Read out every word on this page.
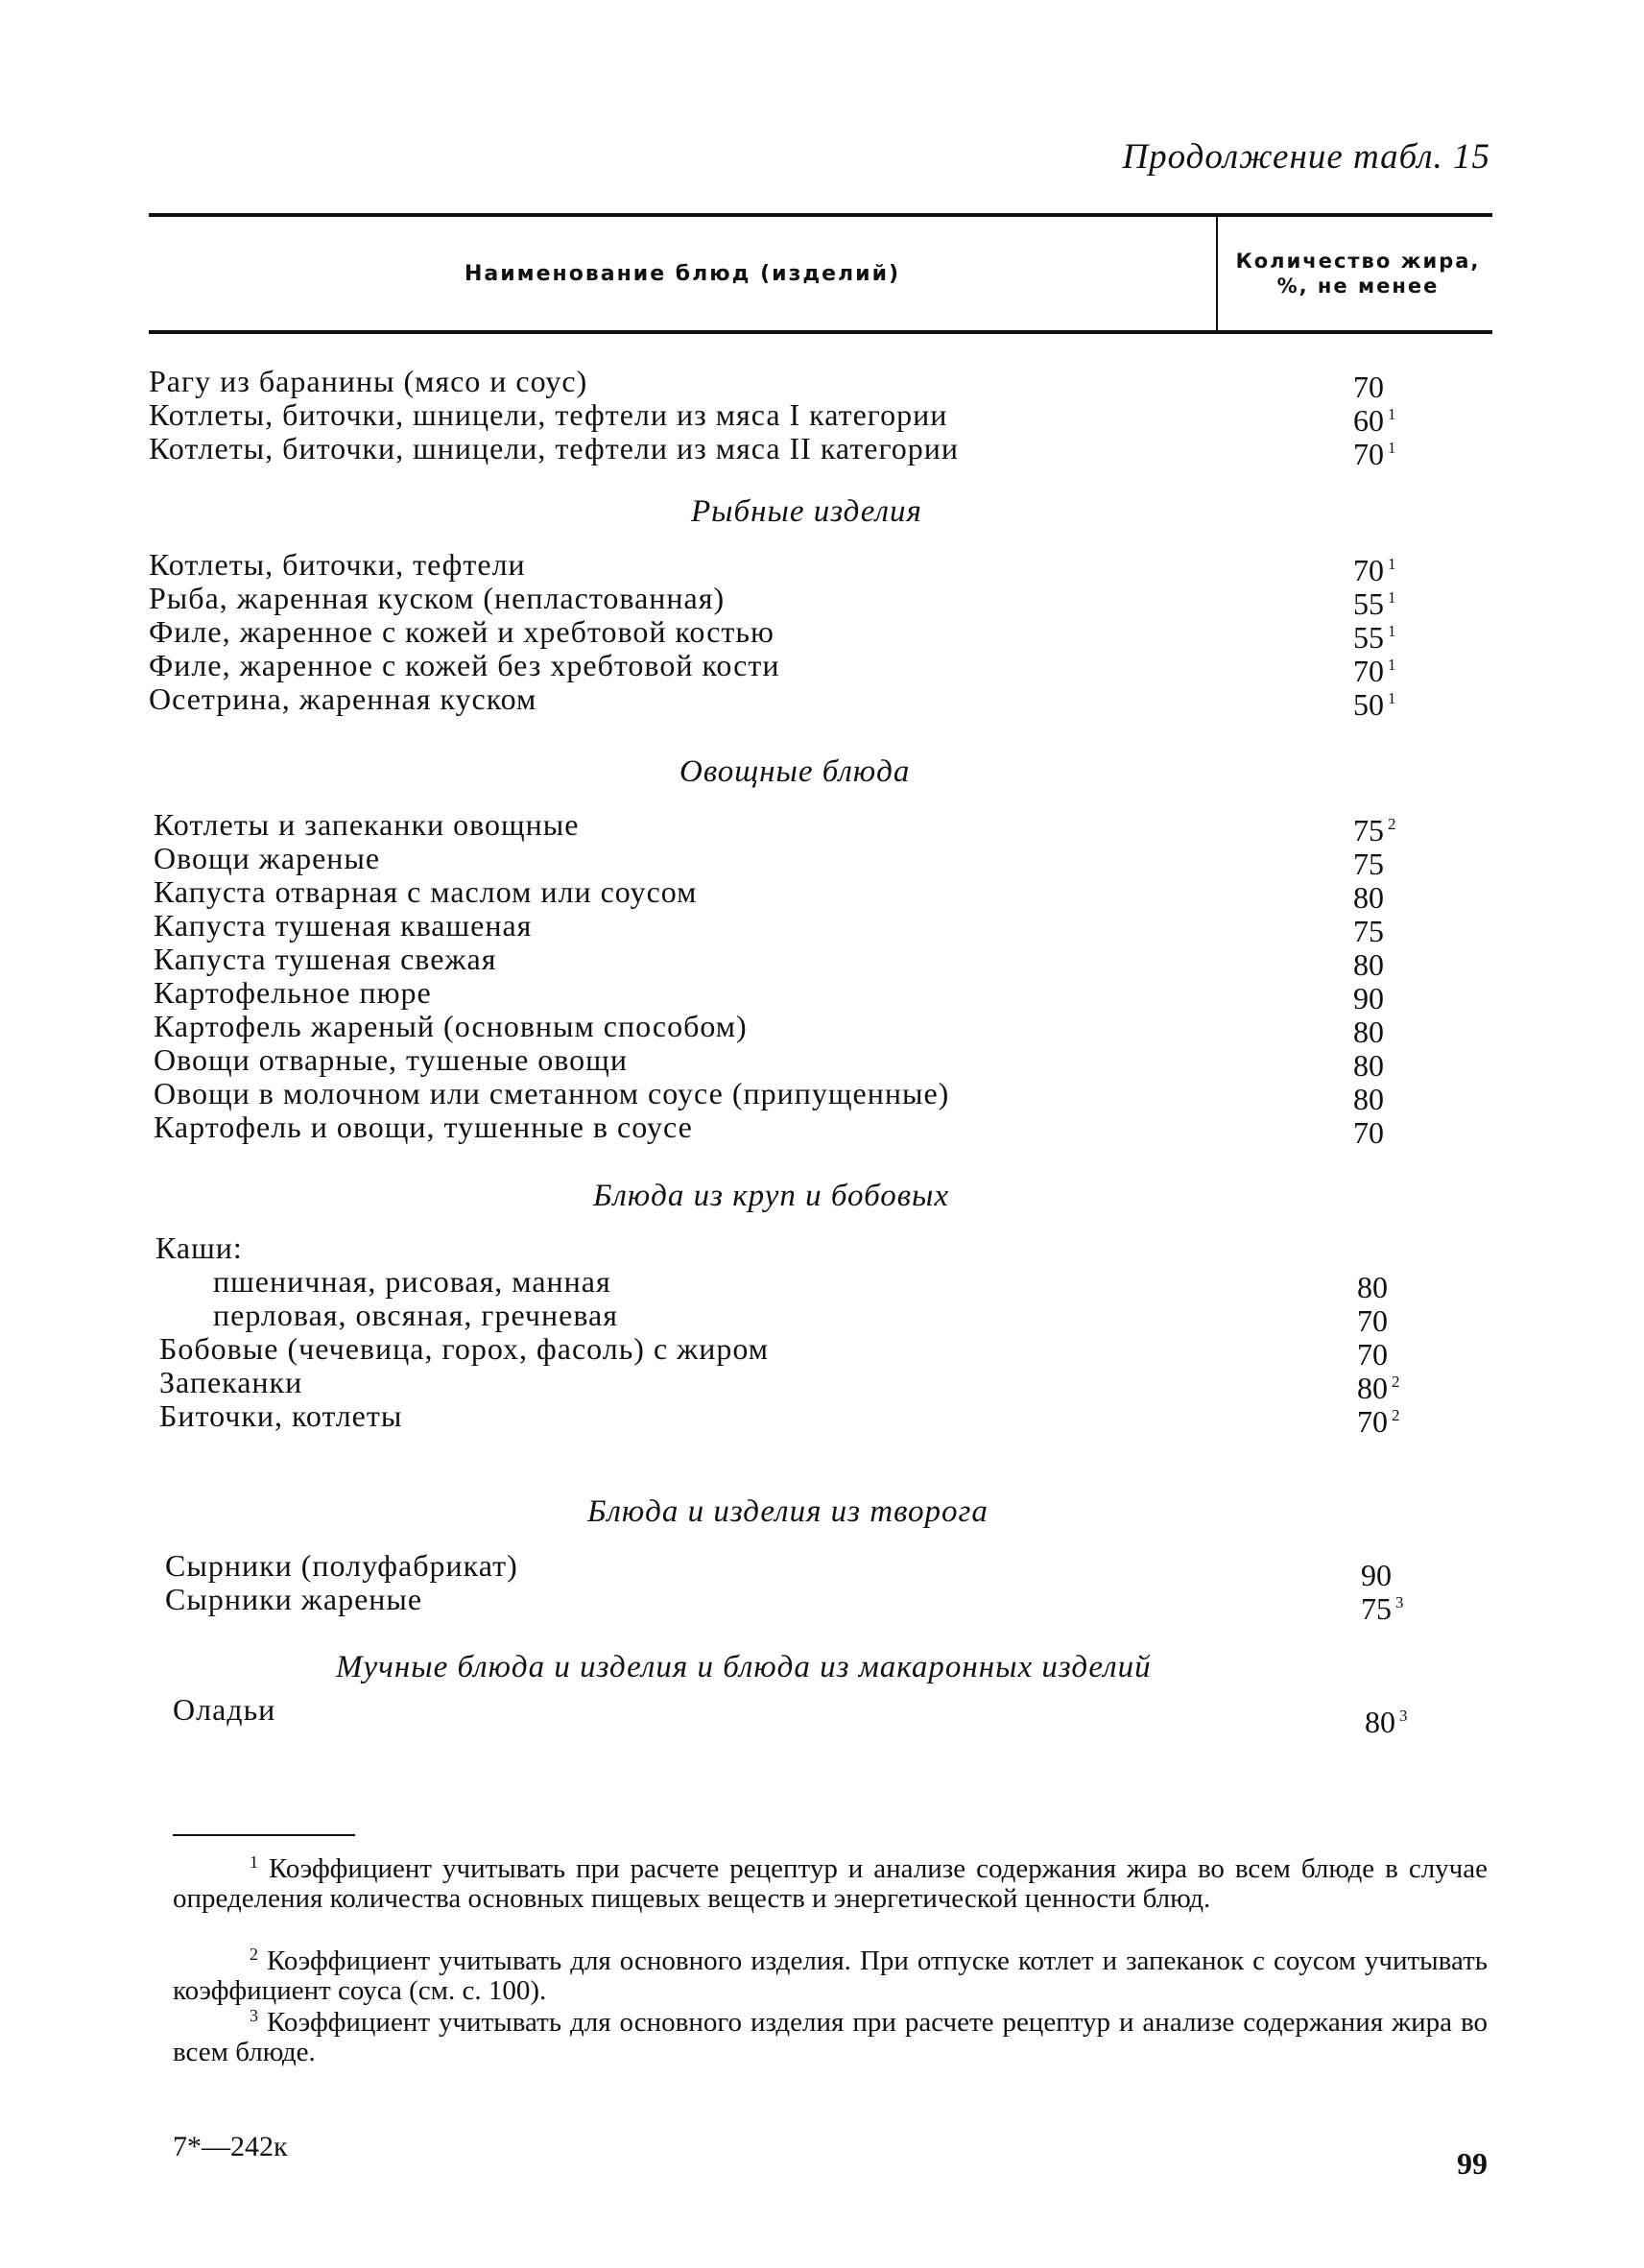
Продолжение табл. 15
Наименование блюд (изделий)
Количество жира,
%, не менее
Рагу из баранины (мясо и соус)	70
Котлеты, биточки, шницели, тефтели из мяса I категории	60 $^1$
Котлеты, биточки, шницели, тефтели из мяса II категории	70 $^1$
Рыбные изделия
Котлеты, биточки, тефтели	70 $^1$
Рыба, жаренная куском (непластованная)	55 $^1$
Филе, жаренное с кожей и хребтовой костью	55 $^1$
Филе, жаренное с кожей без хребтовой кости	70 $^1$
Осетрина, жаренная куском	50 $^1$
Овощные блюда
Котлеты и запеканки овощные	75 $^2$
Овощи жареные	75
Капуста отварная с маслом или соусом	80
Капуста тушеная квашеная	75
Капуста тушеная свежая	80
Картофельное пюре	90
Картофель жареный (основным способом)	80
Овощи отварные, тушеные овощи	80
Овощи в молочном или сметанном соусе (припущенные)	80
Картофель и овощи, тушенные в соусе	70
Блюда из круп и бобовых
Каши:
пшеничная, рисовая, манная	80
перловая, овсяная, гречневая	70
Бобовые (чечевица, горох, фасоль) с жиром	70
Запеканки	80 $^2$
Биточки, котлеты	70 $^2$
Блюда и изделия из творога
Сырники (полуфабрикат)	90
Сырники жареные	75 $^3$
Мучные блюда и изделия и блюда из макаронных изделий
Оладьи	80 $^3$
$^1$ Коэффициент учитывать при расчете рецептур и анализе содержания жира во всем блюде в случае определения количества основных пищевых веществ и энергетической ценности блюд.
$^2$ Коэффициент учитывать для основного изделия. При отпуске котлет и запеканок с соусом учитывать коэффициент соуса (см. с. 100).
$^3$ Коэффициент учитывать для основного изделия при расчете рецептур и анализе содержания жира во всем блюде.
7*—242к	99
